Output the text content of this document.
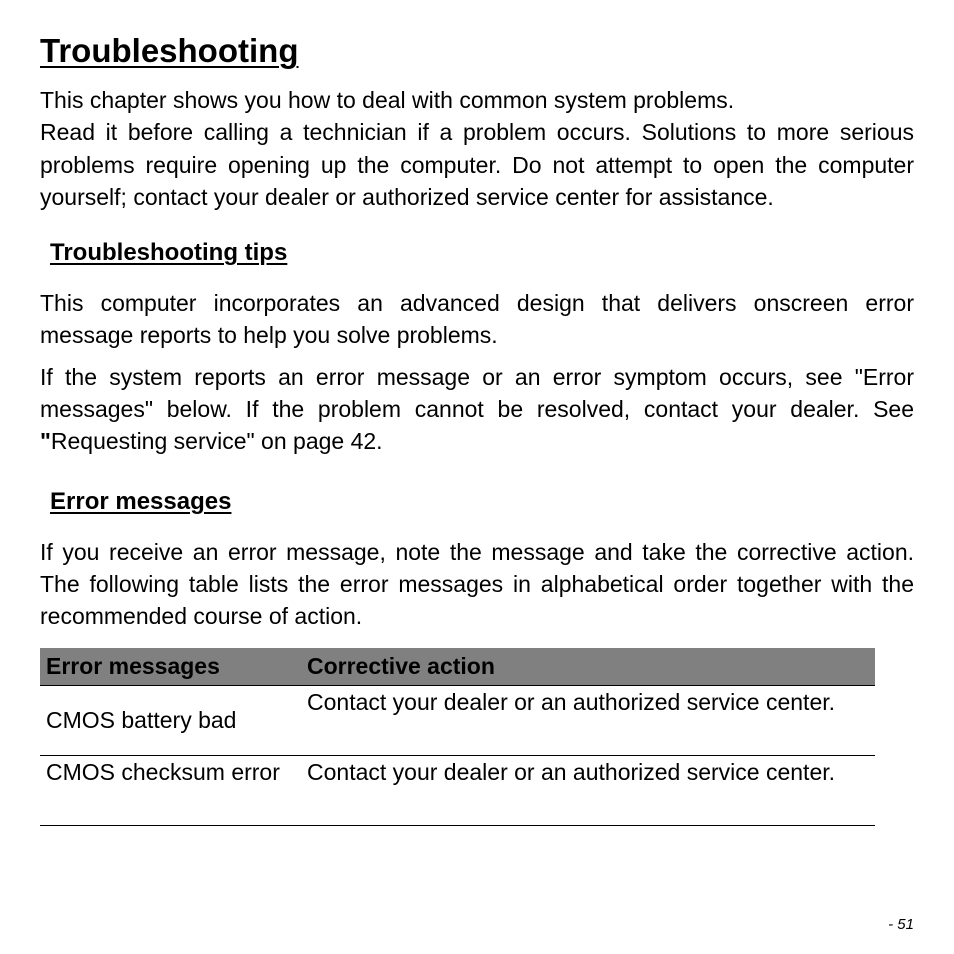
Troubleshooting

This chapter shows you how to deal with common system problems.

Read it before calling a technician if a problem occurs. Solutions to more serious problems require opening up the computer. Do not attempt to open the computer yourself; contact your dealer or authorized service center for assistance.

Troubleshooting tips

This computer incorporates an advanced design that delivers onscreen error message reports to help you solve problems.

If the system reports an error message or an error symptom occurs, see "Error messages" below. If the problem cannot be resolved, contact your dealer. See "Requesting service" on page 42.

Error messages

If you receive an error message, note the message and take the corrective action. The following table lists the error messages in alphabetical order together with the recommended course of action.

Error messages	Corrective action
CMOS battery bad	Contact your dealer or an authorized service center.
CMOS checksum error	Contact your dealer or an authorized service center.
- 51
